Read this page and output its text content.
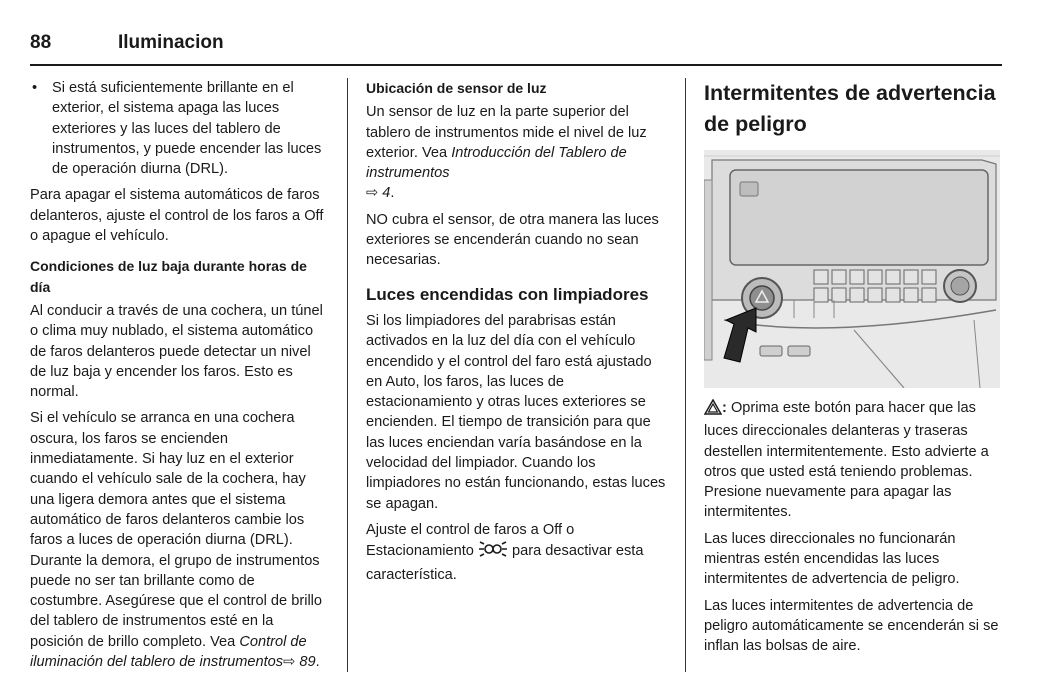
88	Iluminacion
• Si está suficientemente brillante en el exterior, el sistema apaga las luces exteriores y las luces del tablero de instrumentos, y puede encender las luces de operación diurna (DRL).

Para apagar el sistema automáticos de faros delanteros, ajuste el control de los faros a Off o apague el vehículo.

Condiciones de luz baja durante horas de día

Al conducir a través de una cochera, un túnel o clima muy nublado, el sistema automático de faros delanteros puede detectar un nivel de luz baja y encender los faros. Esto es normal.

Si el vehículo se arranca en una cochera oscura, los faros se encienden inmediatamente. Si hay luz en el exterior cuando el vehículo sale de la cochera, hay una ligera demora antes que el sistema automático de faros delanteros cambie los faros a luces de operación diurna (DRL). Durante la demora, el grupo de instrumentos puede no ser tan brillante como de costumbre. Asegúrese que el control de brillo del tablero de instrumentos esté en la posición de brillo completo. Vea Control de iluminación del tablero de instrumentos⇨ 89.

Ubicación de sensor de luz

Un sensor de luz en la parte superior del tablero de instrumentos mide el nivel de luz exterior. Vea Introducción del Tablero de instrumentos
⇨ 4.

NO cubra el sensor, de otra manera las luces exteriores se encenderán cuando no sean necesarias.

Luces encendidas con limpiadores

Si los limpiadores del parabrisas están activados en la luz del día con el vehículo encendido y el control del faro está ajustado en Auto, los faros, las luces de estacionamiento y otras luces exteriores se encienden. El tiempo de transición para que las luces enciendan varía basándose en la velocidad del limpiador. Cuando los limpiadores no están funcionando, estas luces se apagan.

Ajuste el control de faros a Off o Estacionamiento	para desactivar esta característica.

Intermitentes de advertencia de peligro

: Oprima este botón para hacer que las luces direccionales delanteras y traseras destellen intermitentemente. Esto advierte a otros que usted está teniendo problemas. Presione nuevamente para apagar las intermitentes.

Las luces direccionales no funcionarán mientras estén encendidas las luces intermitentes de advertencia de peligro.

Las luces intermitentes de advertencia de peligro automáticamente se encenderán si se inflan las bolsas de aire.
